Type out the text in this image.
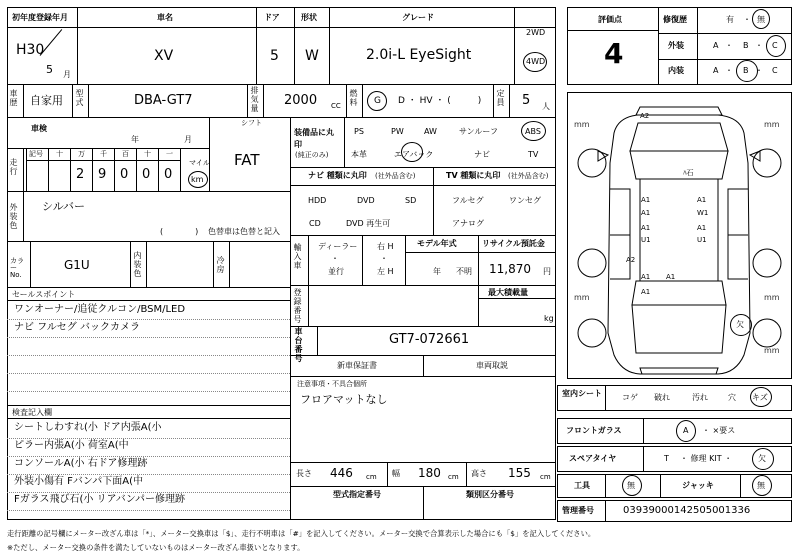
初年度登録年月	車名	ドア	形状	グレード
H30
5 月
XV	5 W	2.0i-L EyeSight
2WD
4WD
車歴 自家用 型式	DBA-GT7	排気量 2000 CC 燃料 G D ・ HV ・ (　　　) 定員 5 人
車検
年	月
シフト
FAT
走行
記号 十 万 千 百 十 一
2 9 0 0 0
マイル
km
外装色 シルバー
(　　　　) 色替車は色替と記入
カラーNo.
G1U	内装色	冷房
セールスポイント
ワンオーナー/追従クルコン/BSM/LED
ナビ フルセグ バックカメラ
検査記入欄
シートしわすれ(小 ドア内張A(小
ピラー内張A(小 荷室A(中
コンソールA(小 右ドア修理跡
外装小傷有 Fバンパ下面A(中
Fガラス飛び石(小 リアバンパー修理跡
装備品に丸印
(純正のみ)
PS	PW	AW	サンルーフ	ABS
本革	エアバック	ナビ	TV
ナビ 種類に丸印 (社外品含む)	TV 種類に丸印 (社外品含む)
HDD	DVD	SD
CD	DVD 再生可
フルセグ	ワンセグ
アナログ
輸入車 ディーラー
・
並行
右 H
・
左 H
モデル年式
年 不明
リサイクル預託金
11,870 円
登録番号	最大積載量
kg
車台番号	GT7-072661
新車保証書	車両取説
注意事項・不具合個所
フロアマットなし
長さ 446 cm 幅 180 cm 高さ 155 cm
型式指定番号	類別区分番号
評価点
4
修復歴	有 ・ 無
外装	A ・ B ・ C
内装	A ・ B ・ C
A2
A1
A1
A1
U1
A1
W1
A1
U1
A2
A1
A1
A1
ﾊ石
mm	mm
mm	mm
mm
欠
室内シート	コゲ 破れ	汚れ	穴 キズ
フロントガラス	A ・ ×要ス
スペアタイヤ	T ・ 修理 KIT ・	欠
工具	無	ジャッキ	無
管理番号	03939000142505001336
走行距離の記号欄にメーター改ざん車は「*」、メーター交換車は「$」、走行不明車は「#」を記入してください。メーター交換で合算表示した場合にも「$」を記入してください。
※ただし、メーター交換の条件を満たしていないものはメーター改ざん車扱いとなります。
